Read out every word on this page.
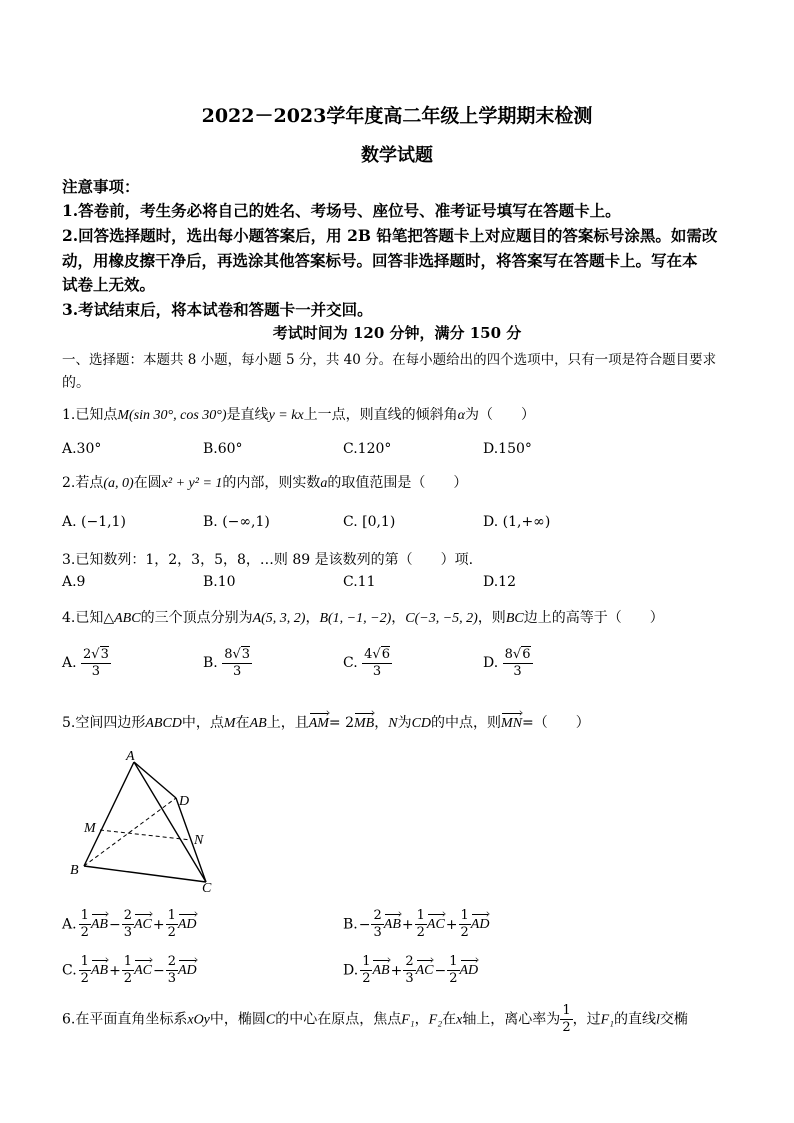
2022－2023学年度高二年级上学期期末检测
数学试题
注意事项：
1.答卷前，考生务必将自己的姓名、考场号、座位号、准考证号填写在答题卡上。
2.回答选择题时，选出每小题答案后，用 2B 铅笔把答题卡上对应题目的答案标号涂黑。如需改
动，用橡皮擦干净后，再选涂其他答案标号。回答非选择题时，将答案写在答题卡上。写在本
试卷上无效。
3.考试结束后，将本试卷和答题卡一并交回。
考试时间为 120 分钟，满分 150 分
一、选择题：本题共 8 小题，每小题 5 分，共 40 分。在每小题给出的四个选项中，只有一项是符合题目要求
的。
1.已知点M(sin 30°, cos 30°)是直线y = kx上一点，则直线的倾斜角α为（　　）
A.30°	B.60°	C.120°	D.150°
2.若点(a, 0)在圆x² + y² = 1的内部，则实数a的取值范围是（　　）
A. (−1,1)	B. (−∞,1)	C. [0,1)	D. (1,+∞)
3.已知数列：1，2，3，5，8，…则 89 是该数列的第（　　）项.
A.9	B.10	C.11	D.12
4.已知△ABC的三个顶点分别为A(5, 3, 2)，B(1, −1, −2)，C(−3, −5, 2)，则BC边上的高等于（　　）
A. $\frac{2√3}{3}$	B. $\frac{8√3}{3}$	C. $\frac{4√6}{3}$	D. $\frac{8√6}{3}$
5.空间四边形ABCD中，点M在AB上，且AM= 2MB，N为CD的中点，则MN=（　　）
A
D
M
N
B
C
A. $\frac{1}{2} AB- \frac{2}{3} AC+ \frac{1}{2}$ AD	$B.- \frac{2}{3} AB+ \frac{1}{2} AC+ \frac{1}{2}$ AD
C. $\frac{1}{2} AB+ \frac{1}{2} AC- \frac{2}{3}$ AD	D. $\frac{1}{2} AB+ \frac{2}{3} AC- \frac{1}{2}$ AD
6.在平面直角坐标系xOy中，椭圆C的中心在原点，焦点F₁，F₂在x轴上，离心率为 $\frac{1}{2}$ ，过F₁的直线l交椭
